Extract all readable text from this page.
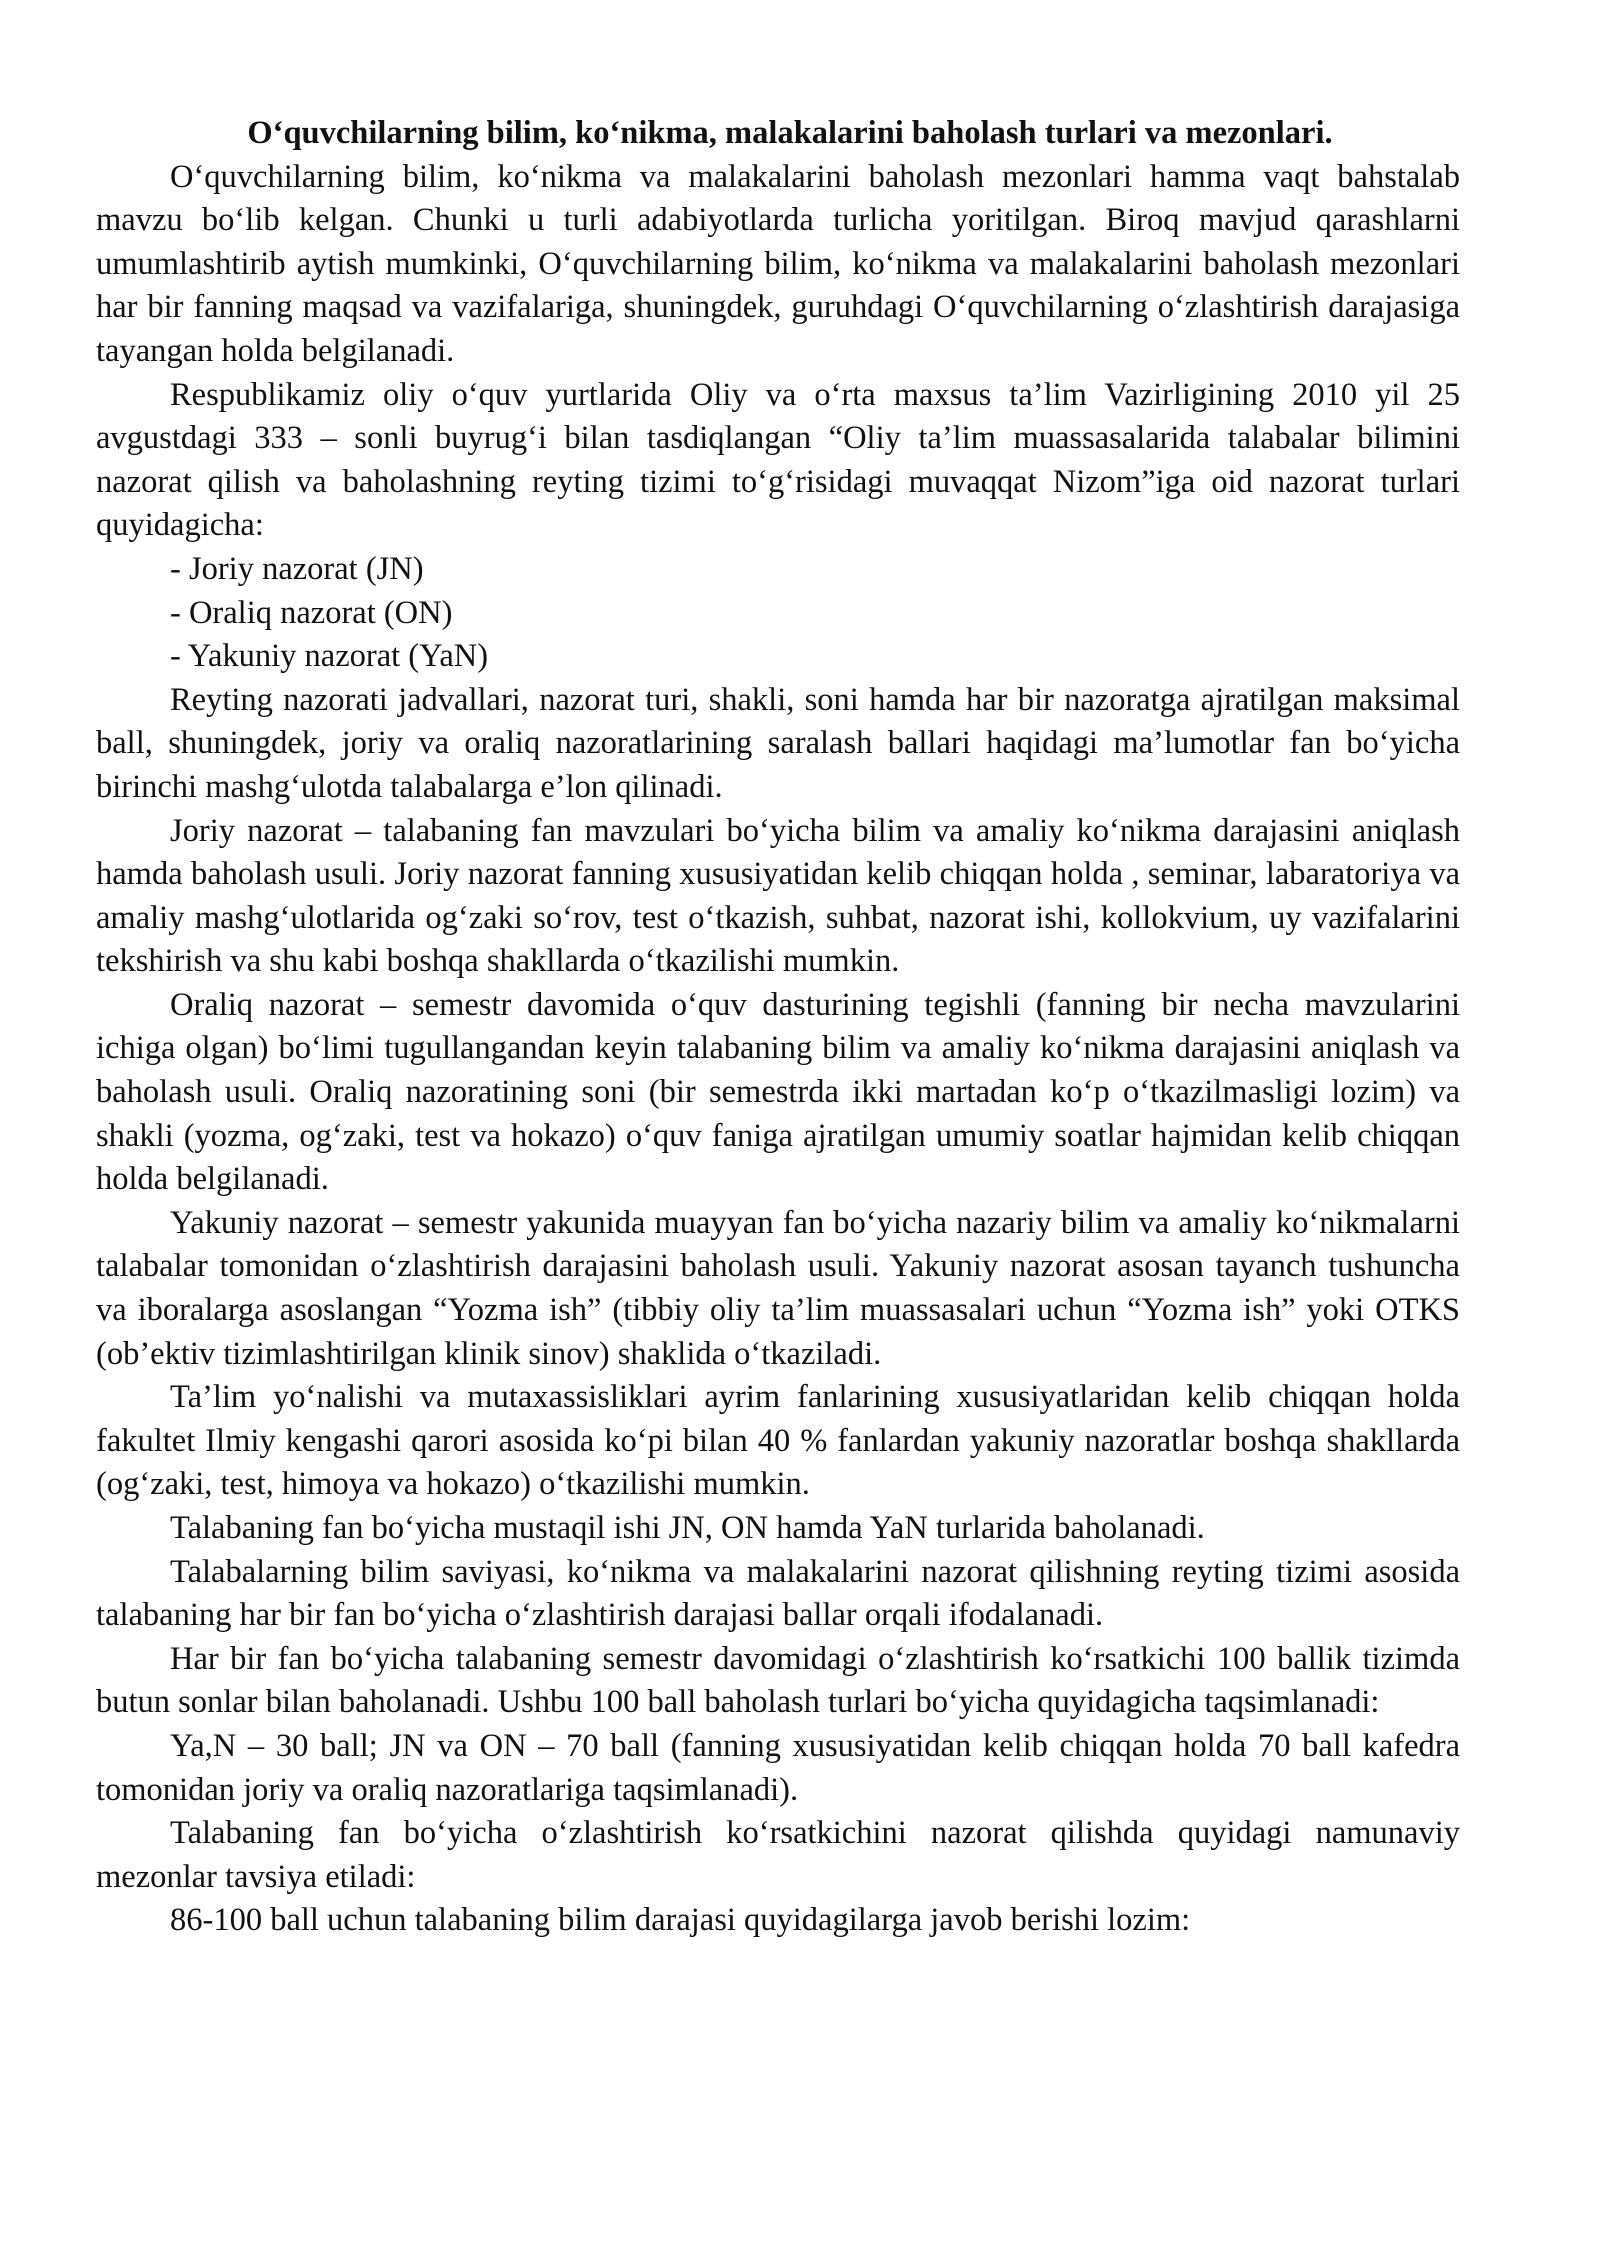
O‘quvchilarning bilim, ko‘nikma, malakalarini baholash turlari va mezonlari.

O‘quvchilarning bilim, ko‘nikma va malakalarini baholash mezonlari hamma vaqt bahstalab mavzu bo‘lib kelgan. Chunki u turli adabiyotlarda turlicha yoritilgan. Biroq mavjud qarashlarni umumlashtirib aytish mumkinki, O‘quvchilarning bilim, ko‘nikma va malakalarini baholash mezonlari har bir fanning maqsad va vazifalariga, shuningdek, guruhdagi O‘quvchilarning o‘zlashtirish darajasiga tayangan holda belgilanadi.

Respublikamiz oliy o‘quv yurtlarida Oliy va o‘rta maxsus ta’lim Vazirligining 2010 yil 25 avgustdagi 333 – sonli buyrug‘i bilan tasdiqlangan “Oliy ta’lim muassasalarida talabalar bilimini nazorat qilish va baholashning reyting tizimi to‘g‘risidagi muvaqqat Nizom”iga oid nazorat turlari quyidagicha:

- Joriy nazorat (JN)

- Oraliq nazorat (ON)

- Yakuniy nazorat (YaN)

Reyting nazorati jadvallari, nazorat turi, shakli, soni hamda har bir nazoratga ajratilgan maksimal ball, shuningdek, joriy va oraliq nazoratlarining saralash ballari haqidagi ma’lumotlar fan bo‘yicha birinchi mashg‘ulotda talabalarga e’lon qilinadi.

Joriy nazorat – talabaning fan mavzulari bo‘yicha bilim va amaliy ko‘nikma darajasini aniqlash hamda baholash usuli. Joriy nazorat fanning xususiyatidan kelib chiqqan holda , seminar, labaratoriya va amaliy mashg‘ulotlarida og‘zaki so‘rov, test o‘tkazish, suhbat, nazorat ishi, kollokvium, uy vazifalarini tekshirish va shu kabi boshqa shakllarda o‘tkazilishi mumkin.

Oraliq nazorat – semestr davomida o‘quv dasturining tegishli (fanning bir necha mavzularini ichiga olgan) bo‘limi tugullangandan keyin talabaning bilim va amaliy ko‘nikma darajasini aniqlash va baholash usuli. Oraliq nazoratining soni (bir semestrda ikki martadan ko‘p o‘tkazilmasligi lozim) va shakli (yozma, og‘zaki, test va hokazo) o‘quv faniga ajratilgan umumiy soatlar hajmidan kelib chiqqan holda belgilanadi.

Yakuniy nazorat – semestr yakunida muayyan fan bo‘yicha nazariy bilim va amaliy ko‘nikmalarni talabalar tomonidan o‘zlashtirish darajasini baholash usuli. Yakuniy nazorat asosan tayanch tushuncha va iboralarga asoslangan “Yozma ish” (tibbiy oliy ta’lim muassasalari uchun “Yozma ish” yoki OTKS (ob’ektiv tizimlashtirilgan klinik sinov) shaklida o‘tkaziladi.

Ta’lim yo‘nalishi va mutaxassisliklari ayrim fanlarining xususiyatlaridan kelib chiqqan holda fakultet Ilmiy kengashi qarori asosida ko‘pi bilan 40 % fanlardan yakuniy nazoratlar boshqa shakllarda (og‘zaki, test, himoya va hokazo) o‘tkazilishi mumkin.

Talabaning fan bo‘yicha mustaqil ishi JN, ON hamda YaN turlarida baholanadi.

Talabalarning bilim saviyasi, ko‘nikma va malakalarini nazorat qilishning reyting tizimi asosida talabaning har bir fan bo‘yicha o‘zlashtirish darajasi ballar orqali ifodalanadi.

Har bir fan bo‘yicha talabaning semestr davomidagi o‘zlashtirish ko‘rsatkichi 100 ballik tizimda butun sonlar bilan baholanadi. Ushbu 100 ball baholash turlari bo‘yicha quyidagicha taqsimlanadi:

Ya,N – 30 ball; JN va ON – 70 ball (fanning xususiyatidan kelib chiqqan holda 70 ball kafedra tomonidan joriy va oraliq nazoratlariga taqsimlanadi).

Talabaning fan bo‘yicha o‘zlashtirish ko‘rsatkichini nazorat qilishda quyidagi namunaviy mezonlar tavsiya etiladi:

86-100 ball uchun talabaning bilim darajasi quyidagilarga javob berishi lozim:
